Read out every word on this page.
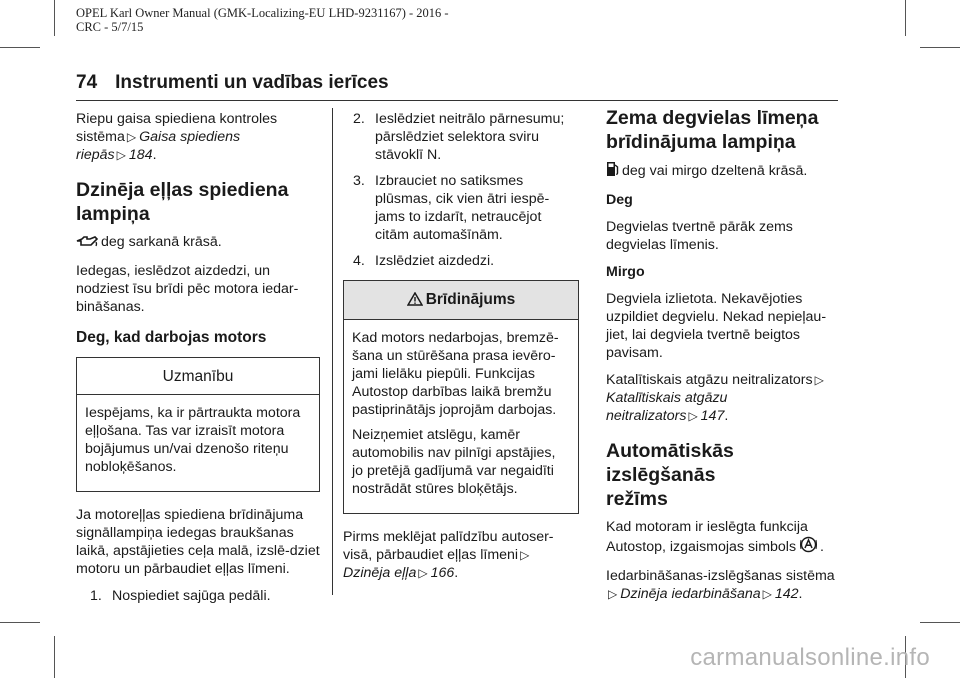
OPEL Karl Owner Manual (GMK-Localizing-EU LHD-9231167) - 2016 -
CRC - 5/7/15
74 Instrumenti un vadības ierīces

Riepu gaisa spiediena kontroles
sistēma ▷ Gaisa spiediens
riepās ▷ 184.

Dzinēja eļļas spiediena
lampiņa

deg sarkanā krāsā.

Iedegas, ieslēdzot aizdedzi, un nodziest īsu brīdi pēc motora iedar-bināšanas.

Deg, kad darbojas motors
Uzmanību

Iespējams, ka ir pārtraukta motora eļļošana. Tas var izraisīt motora bojājumus un/vai dzenošo riteņu nobloķēšanos.

Ja motoreļļas spiediena brīdinājuma signāllampiņa iedegas braukšanas laikā, apstājieties ceļa malā, izslē-dziet motoru un pārbaudiet eļļas līmeni.

1. Nospiediet sajūga pedāli.
2. Ieslēdziet neitrālo pārnesumu; pārslēdziet selektora sviru stāvoklī N.
3. Izbrauciet no satiksmes plūsmas, cik vien ātri iespē-jams to izdarīt, netraucējot citām automašīnām.
4. Izslēdziet aizdedzi.
Brīdinājums

Kad motors nedarbojas, bremzē-šana un stūrēšana prasa ievēro-jami lielāku piepūli. Funkcijas Autostop darbības laikā bremžu pastiprinātājs joprojām darbojas.

Neizņemiet atslēgu, kamēr automobilis nav pilnīgi apstājies, jo pretējā gadījumā var negaidīti nostrādāt stūres bloķētājs.

Pirms meklējat palīdzību autoser-
visā, pārbaudiet eļļas līmeni ▷
Dzinēja eļļa ▷ 166.

Zema degvielas līmeņa
brīdinājuma lampiņa

deg vai mirgo dzeltenā krāsā.

Deg

Degvielas tvertnē pārāk zems degvielas līmenis.

Mirgo

Degviela izlietota. Nekavējoties uzpildiet degvielu. Nekad nepieļau-jiet, lai degviela tvertnē beigtos pavisam.

Katalītiskais atgāzu neitralizators ▷
Katalītiskais atgāzu
neitralizators ▷ 147.

Automātiskās izslēgšanās
režīms

Kad motoram ir ieslēgta funkcija
Autostop, izgaismojas simbols .

Iedarbināšanas-izslēgšanas sistēma
▷ Dzinēja iedarbināšana ▷ 142.

carmanualsonline.info
